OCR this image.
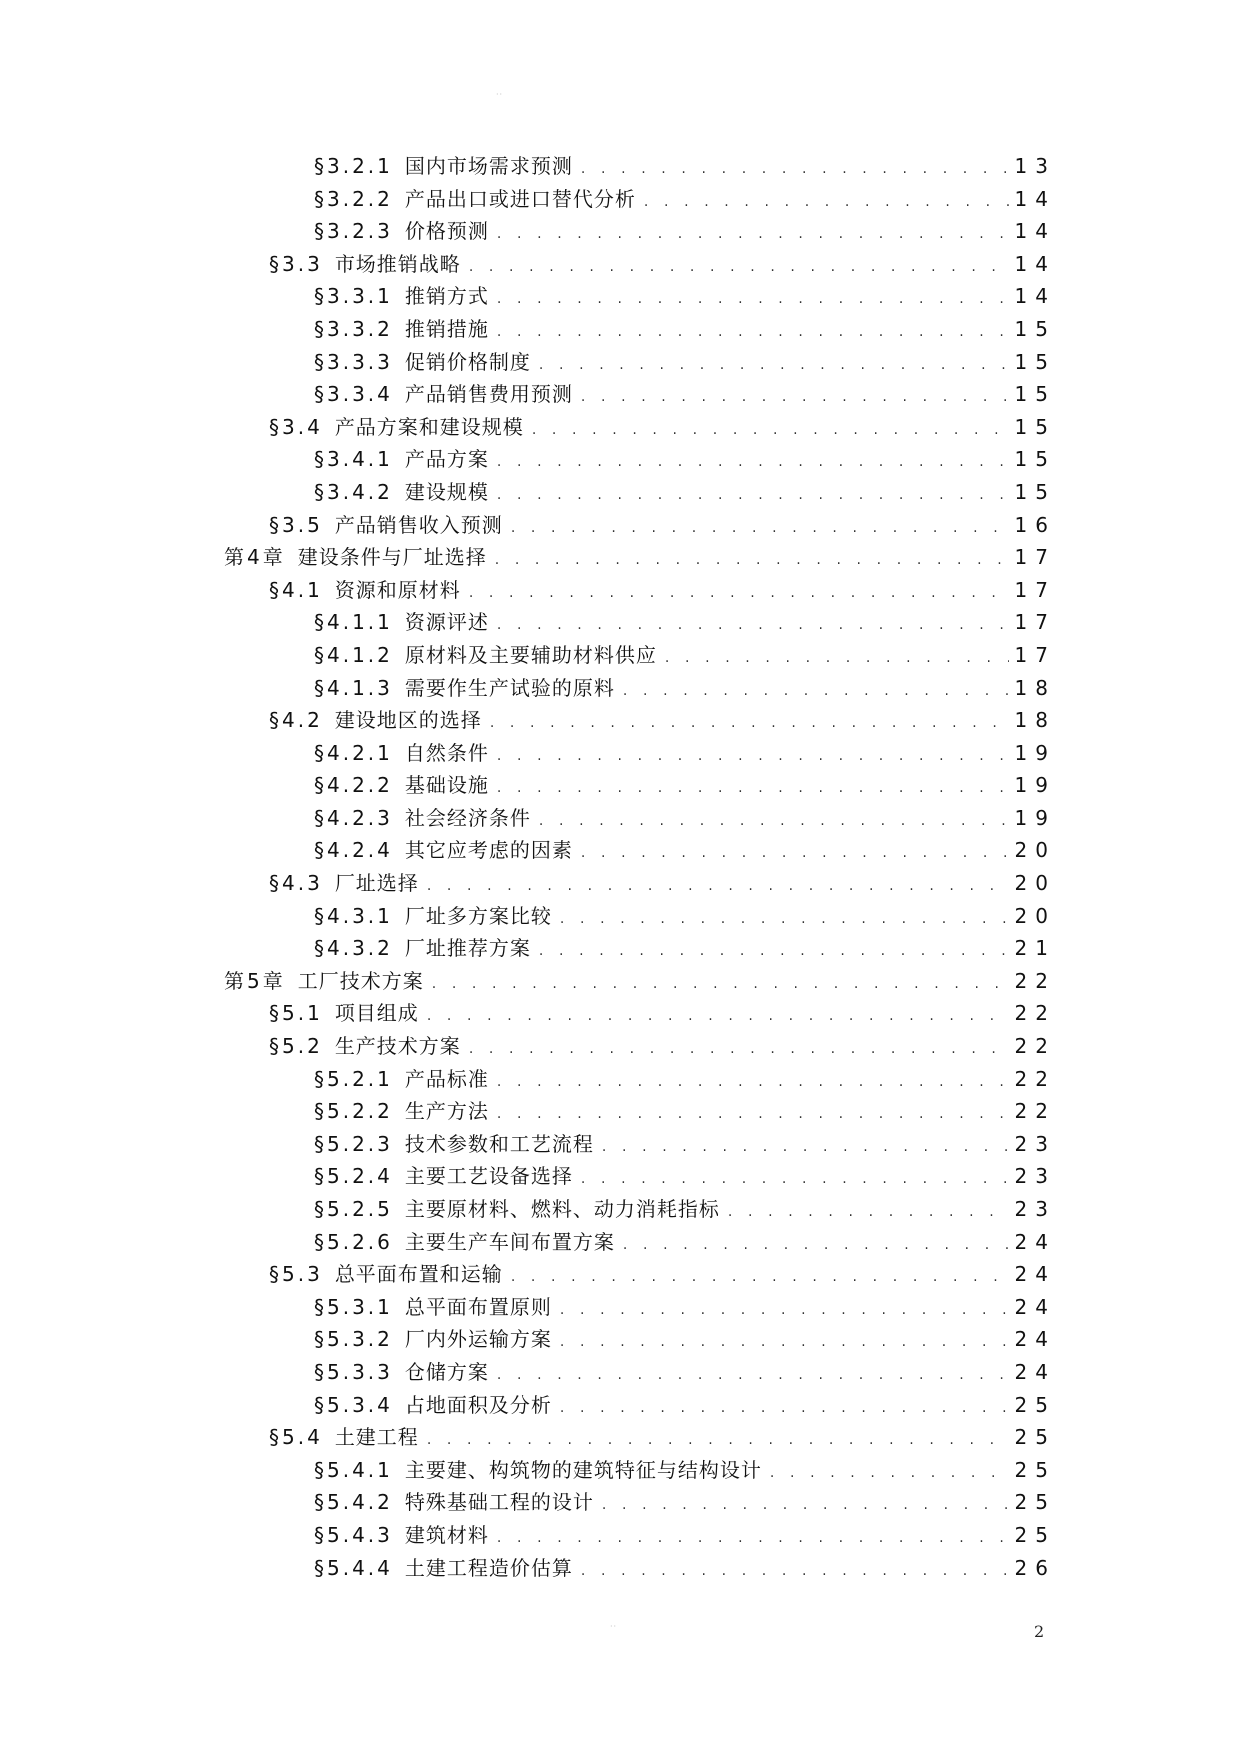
··
§3.2.1 国内市场需求预测 . . .	13
§3.2.2 产品出口或进口替代分析 . . .	14
§3.2.3 价格预测 . . .	14
§3.3 市场推销战略 . . .	14
§3.3.1 推销方式 . . .	14
§3.3.2 推销措施 . . .	15
§3.3.3 促销价格制度 . . .	15
§3.3.4 产品销售费用预测 . . .	15
§3.4 产品方案和建设规模 . . .	15
§3.4.1 产品方案 . . .	15
§3.4.2 建设规模 . . .	15
§3.5 产品销售收入预测 . . .	16
第4章 建设条件与厂址选择 . . .	17
§4.1 资源和原材料 . . .	17
§4.1.1 资源评述 . . .	17
§4.1.2 原材料及主要辅助材料供应 . . .	17
§4.1.3 需要作生产试验的原料 . . .	18
§4.2 建设地区的选择 . . .	18
§4.2.1 自然条件 . . .	19
§4.2.2 基础设施 . . .	19
§4.2.3 社会经济条件 . . .	19
§4.2.4 其它应考虑的因素 . . .	20
§4.3 厂址选择 . . .	20
§4.3.1 厂址多方案比较 . . .	20
§4.3.2 厂址推荐方案 . . .	21
第5章 工厂技术方案 . . .	22
§5.1 项目组成 . . .	22
§5.2 生产技术方案 . . .	22
§5.2.1 产品标准 . . .	22
§5.2.2 生产方法 . . .	22
§5.2.3 技术参数和工艺流程 . . .	23
§5.2.4 主要工艺设备选择 . . .	23
§5.2.5 主要原材料、燃料、动力消耗指标 . . .	23
§5.2.6 主要生产车间布置方案 . . .	24
§5.3 总平面布置和运输 . . .	24
§5.3.1 总平面布置原则 . . .	24
§5.3.2 厂内外运输方案 . . .	24
§5.3.3 仓储方案 . . .	24
§5.3.4 占地面积及分析 . . .	25
§5.4 土建工程 . . .	25
§5.4.1 主要建、构筑物的建筑特征与结构设计 . . .	25
§5.4.2 特殊基础工程的设计 . . .	25
§5.4.3 建筑材料 . . .	25
§5.4.4 土建工程造价估算 . . .	26
··	2
